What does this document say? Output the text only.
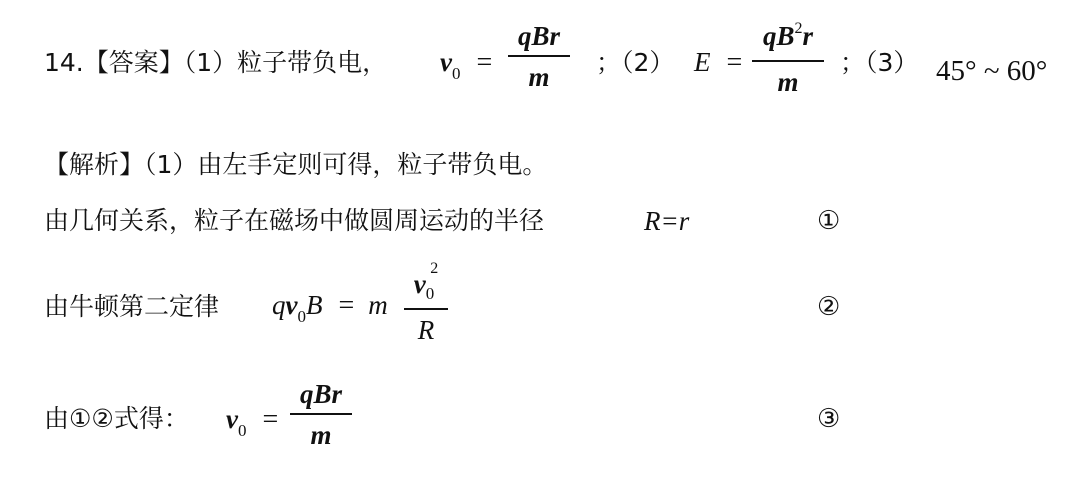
14.【答案】（1）粒子带负电， $v_0$ =
qBr
m	；（2） E =
$qB^2r$
m
；（3） 45° ~ 60°
【解析】（1）由左手定则可得，粒子带负电。
由几何关系，粒子在磁场中做圆周运动的半径	R=r	①
由牛顿第二定律 $qv_0B = m$
$v_0^2$
R
②
由①②式得： $v_0$ =
qBr
m
③
